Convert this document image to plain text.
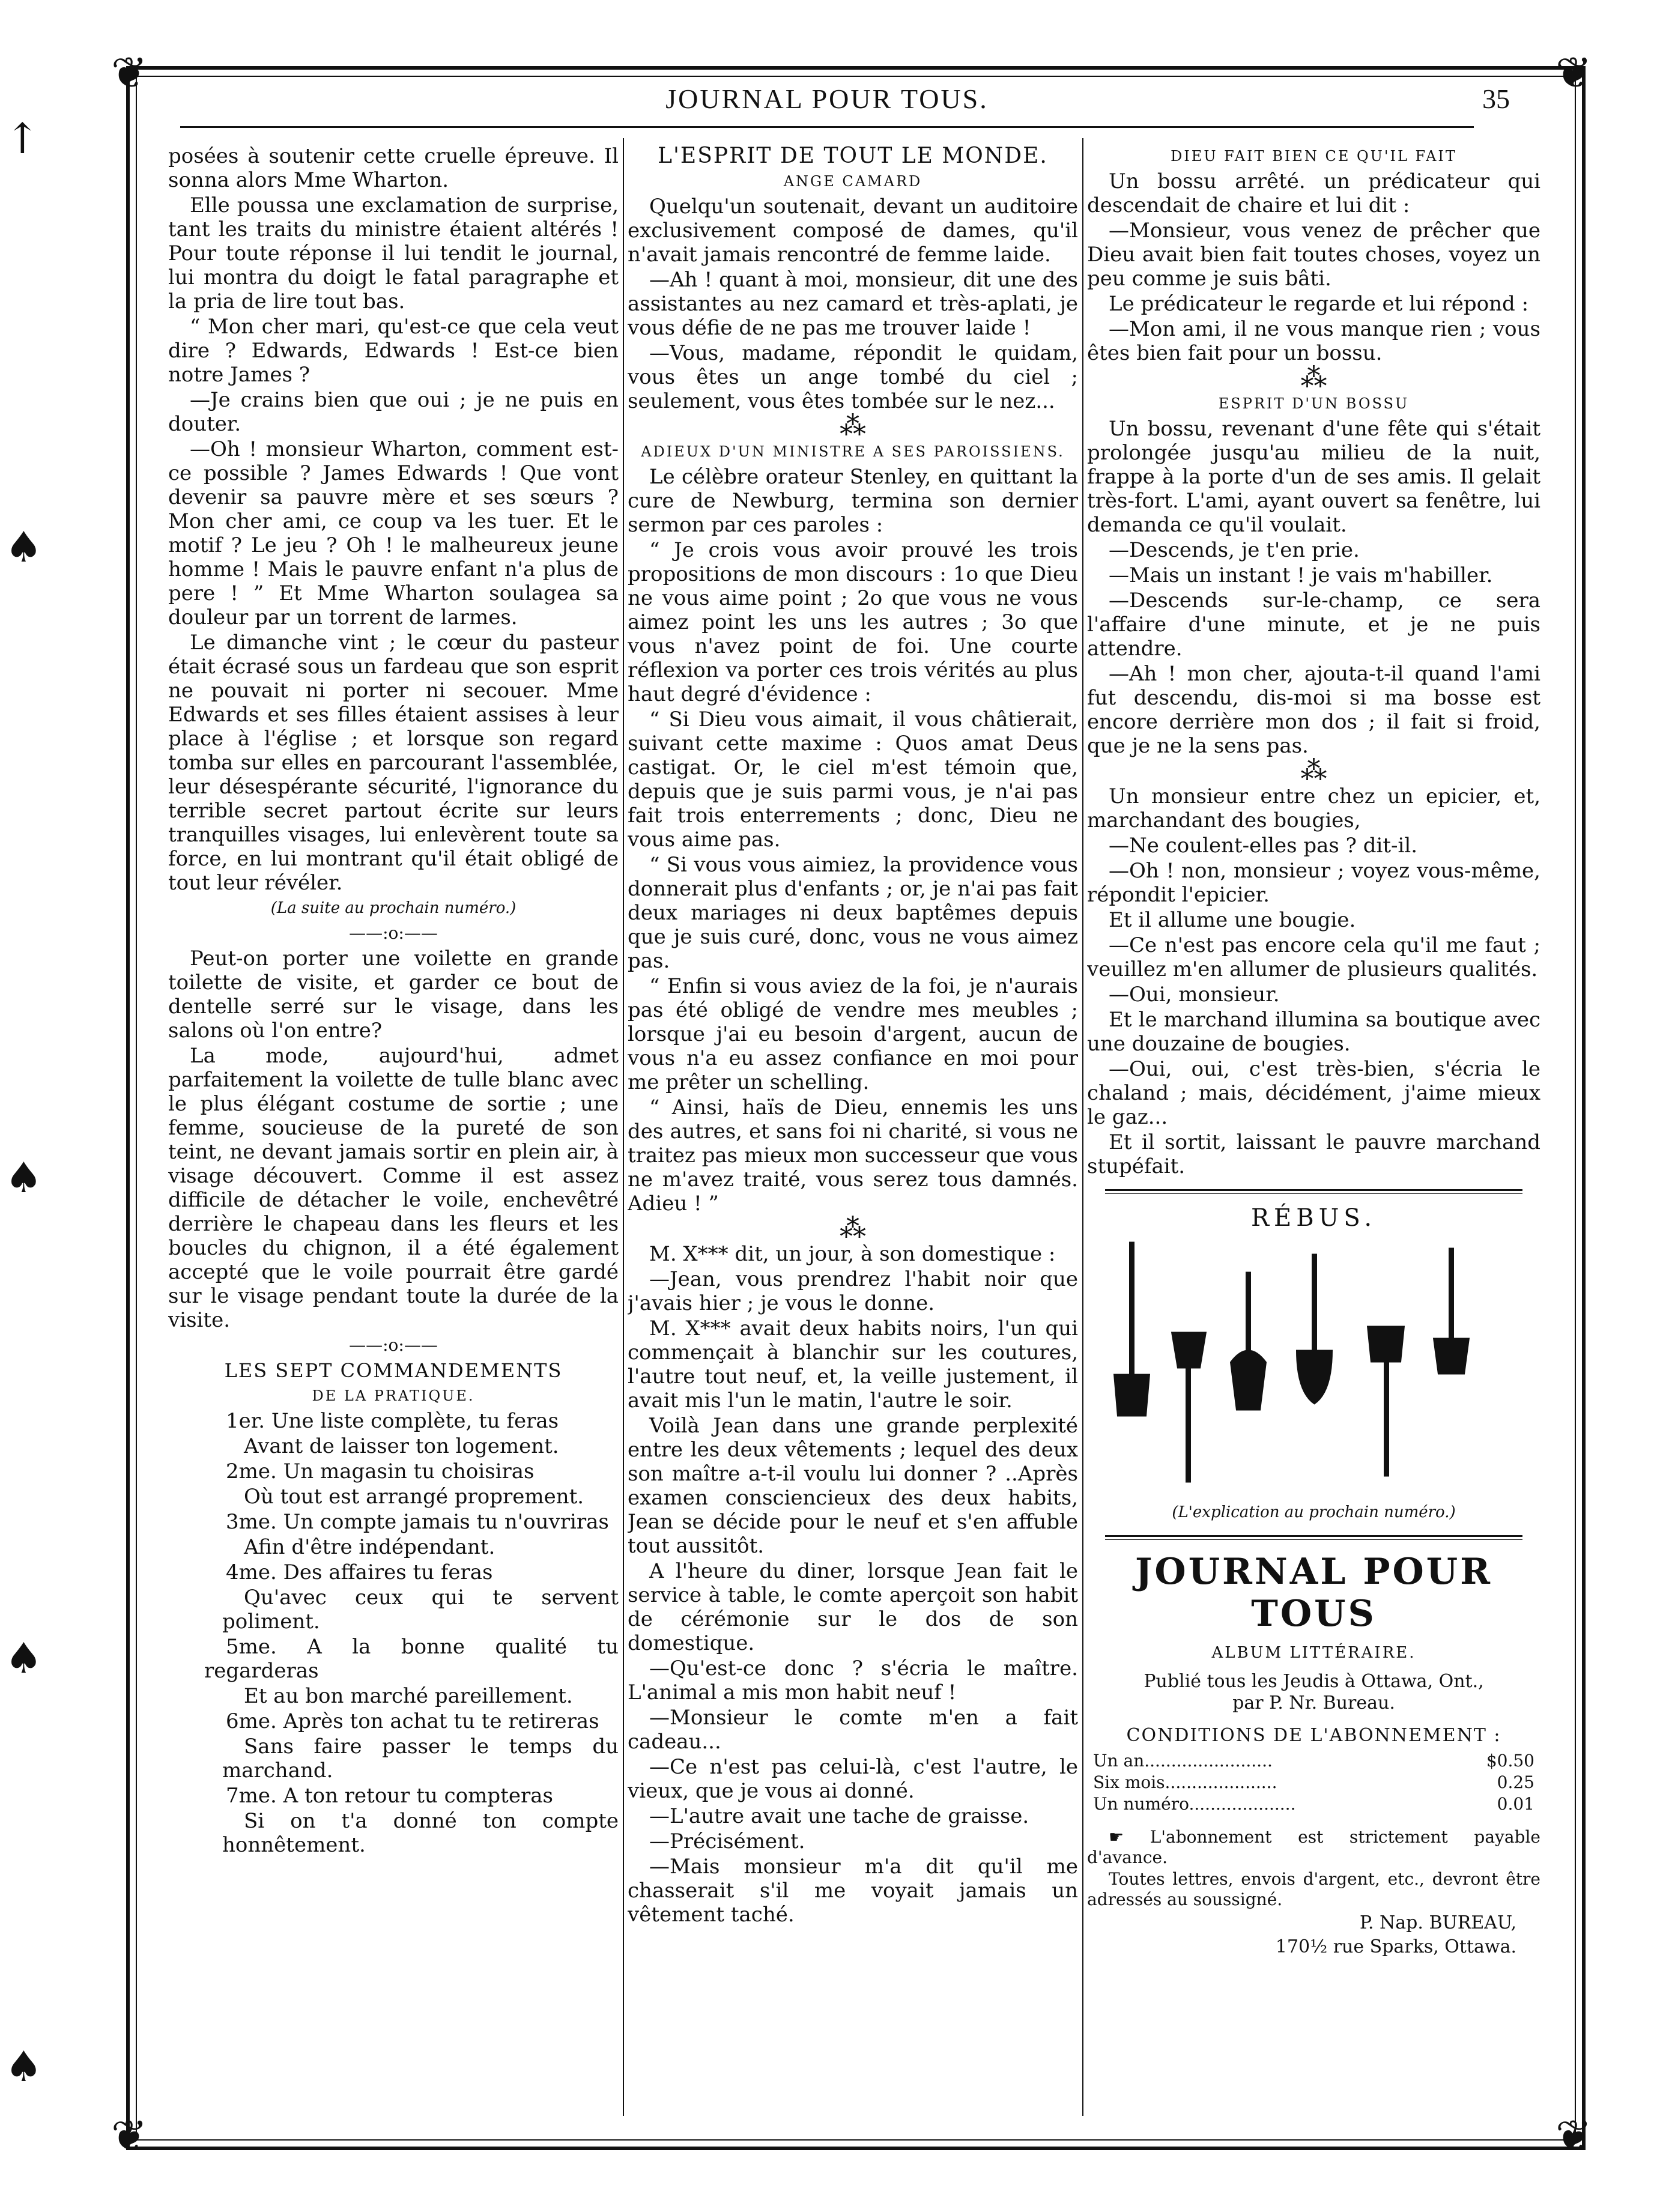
❦	❦
❦	❦
↑
♠
♠
♠
♠
JOURNAL POUR TOUS.	35

posées à soutenir cette cruelle épreuve. Il sonna alors Mme Wharton.

Elle poussa une exclamation de surprise, tant les traits du ministre étaient altérés ! Pour toute réponse il lui tendit le journal, lui montra du doigt le fatal paragraphe et la pria de lire tout bas.

“ Mon cher mari, qu'est-ce que cela veut dire ? Edwards, Edwards ! Est-ce bien notre James ?

—Je crains bien que oui ; je ne puis en douter.

—Oh ! monsieur Wharton, comment est-ce possible ? James Edwards ! Que vont devenir sa pauvre mère et ses sœurs ? Mon cher ami, ce coup va les tuer. Et le motif ? Le jeu ? Oh ! le malheureux jeune homme ! Mais le pauvre enfant n'a plus de pere ! ” Et Mme Wharton soulagea sa douleur par un torrent de larmes.

Le dimanche vint ; le cœur du pasteur était écrasé sous un fardeau que son esprit ne pouvait ni porter ni secouer. Mme Edwards et ses filles étaient assises à leur place à l'église ; et lorsque son regard tomba sur elles en parcourant l'assemblée, leur désespérante sécurité, l'ignorance du terrible secret partout écrite sur leurs tranquilles visages, lui enlevèrent toute sa force, en lui montrant qu'il était obligé de tout leur révéler.

(La suite au prochain numéro.)

——:o:——

Peut-on porter une voilette en grande toilette de visite, et garder ce bout de dentelle serré sur le visage, dans les salons où l'on entre?

La mode, aujourd'hui, admet parfaitement la voilette de tulle blanc avec le plus élégant costume de sortie ; une femme, soucieuse de la pureté de son teint, ne devant jamais sortir en plein air, à visage découvert. Comme il est assez difficile de détacher le voile, enchevêtré derrière le chapeau dans les fleurs et les boucles du chignon, il a été également accepté que le voile pourrait être gardé sur le visage pendant toute la durée de la visite.

——:o:——

LES SEPT COMMANDEMENTS

DE LA PRATIQUE.

1er. Une liste complète, tu feras

Avant de laisser ton logement.

2me. Un magasin tu choisiras

Où tout est arrangé proprement.

3me. Un compte jamais tu n'ouvriras

Afin d'être indépendant.

4me. Des affaires tu feras

Qu'avec ceux qui te servent poliment.

5me. A la bonne qualité tu regarderas

Et au bon marché pareillement.

6me. Après ton achat tu te retireras

Sans faire passer le temps du marchand.

7me. A ton retour tu compteras

Si on t'a donné ton compte honnêtement.

L'ESPRIT DE TOUT LE MONDE.

ANGE CAMARD

Quelqu'un soutenait, devant un auditoire exclusivement composé de dames, qu'il n'avait jamais rencontré de femme laide.

—Ah ! quant à moi, monsieur, dit une des assistantes au nez camard et très-aplati, je vous défie de ne pas me trouver laide !

—Vous, madame, répondit le quidam, vous êtes un ange tombé du ciel ; seulement, vous êtes tombée sur le nez...

⁂

ADIEUX D'UN MINISTRE A SES PAROISSIENS.

Le célèbre orateur Stenley, en quittant la cure de Newburg, termina son dernier sermon par ces paroles :

“ Je crois vous avoir prouvé les trois propositions de mon discours : 1o que Dieu ne vous aime point ; 2o que vous ne vous aimez point les uns les autres ; 3o que vous n'avez point de foi. Une courte réflexion va porter ces trois vérités au plus haut degré d'évidence :

“ Si Dieu vous aimait, il vous châtierait, suivant cette maxime : Quos amat Deus castigat. Or, le ciel m'est témoin que, depuis que je suis parmi vous, je n'ai pas fait trois enterrements ; donc, Dieu ne vous aime pas.

“ Si vous vous aimiez, la providence vous donnerait plus d'enfants ; or, je n'ai pas fait deux mariages ni deux baptêmes depuis que je suis curé, donc, vous ne vous aimez pas.

“ Enfin si vous aviez de la foi, je n'aurais pas été obligé de vendre mes meubles ; lorsque j'ai eu besoin d'argent, aucun de vous n'a eu assez confiance en moi pour me prêter un schelling.

“ Ainsi, haïs de Dieu, ennemis les uns des autres, et sans foi ni charité, si vous ne traitez pas mieux mon successeur que vous ne m'avez traité, vous serez tous damnés. Adieu ! ”

⁂

M. X*** dit, un jour, à son domestique :

—Jean, vous prendrez l'habit noir que j'avais hier ; je vous le donne.

M. X*** avait deux habits noirs, l'un qui commençait à blanchir sur les coutures, l'autre tout neuf, et, la veille justement, il avait mis l'un le matin, l'autre le soir.

Voilà Jean dans une grande perplexité entre les deux vêtements ; lequel des deux son maître a-t-il voulu lui donner ? ..Après examen consciencieux des deux habits, Jean se décide pour le neuf et s'en affuble tout aussitôt.

A l'heure du diner, lorsque Jean fait le service à table, le comte aperçoit son habit de cérémonie sur le dos de son domestique.

—Qu'est-ce donc ? s'écria le maître. L'animal a mis mon habit neuf !

—Monsieur le comte m'en a fait cadeau...

—Ce n'est pas celui-là, c'est l'autre, le vieux, que je vous ai donné.

—L'autre avait une tache de graisse.

—Précisément.

—Mais monsieur m'a dit qu'il me chasserait s'il me voyait jamais un vêtement taché.

DIEU FAIT BIEN CE QU'IL FAIT

Un bossu arrêté. un prédicateur qui descendait de chaire et lui dit :

—Monsieur, vous venez de prêcher que Dieu avait bien fait toutes choses, voyez un peu comme je suis bâti.

Le prédicateur le regarde et lui répond :

—Mon ami, il ne vous manque rien ; vous êtes bien fait pour un bossu.

⁂

ESPRIT D'UN BOSSU

Un bossu, revenant d'une fête qui s'était prolongée jusqu'au milieu de la nuit, frappe à la porte d'un de ses amis. Il gelait très-fort. L'ami, ayant ouvert sa fenêtre, lui demanda ce qu'il voulait.

—Descends, je t'en prie.

—Mais un instant ! je vais m'habiller.

—Descends sur-le-champ, ce sera l'affaire d'une minute, et je ne puis attendre.

—Ah ! mon cher, ajouta-t-il quand l'ami fut descendu, dis-moi si ma bosse est encore derrière mon dos ; il fait si froid, que je ne la sens pas.

⁂

Un monsieur entre chez un epicier, et, marchandant des bougies,

—Ne coulent-elles pas ? dit-il.

—Oh ! non, monsieur ; voyez vous-même, répondit l'epicier.

Et il allume une bougie.

—Ce n'est pas encore cela qu'il me faut ; veuillez m'en allumer de plusieurs qualités.

—Oui, monsieur.

Et le marchand illumina sa boutique avec une douzaine de bougies.

—Oui, oui, c'est très-bien, s'écria le chaland ; mais, décidément, j'aime mieux le gaz...

Et il sortit, laissant le pauvre marchand stupéfait.

RÉBUS.

(L'explication au prochain numéro.)

JOURNAL POUR TOUS
ALBUM LITTÉRAIRE.
Publié tous les Jeudis à Ottawa, Ont.,
par P. Nr. Bureau.
CONDITIONS DE L'ABONNEMENT :
Un an........................	$0.50
Six mois.....................	0.25
Un numéro....................	0.01

☛ L'abonnement est strictement payable d'avance.

Toutes lettres, envois d'argent, etc., devront être adressés au soussigné.

P. Nap. BUREAU,
170½ rue Sparks, Ottawa.
